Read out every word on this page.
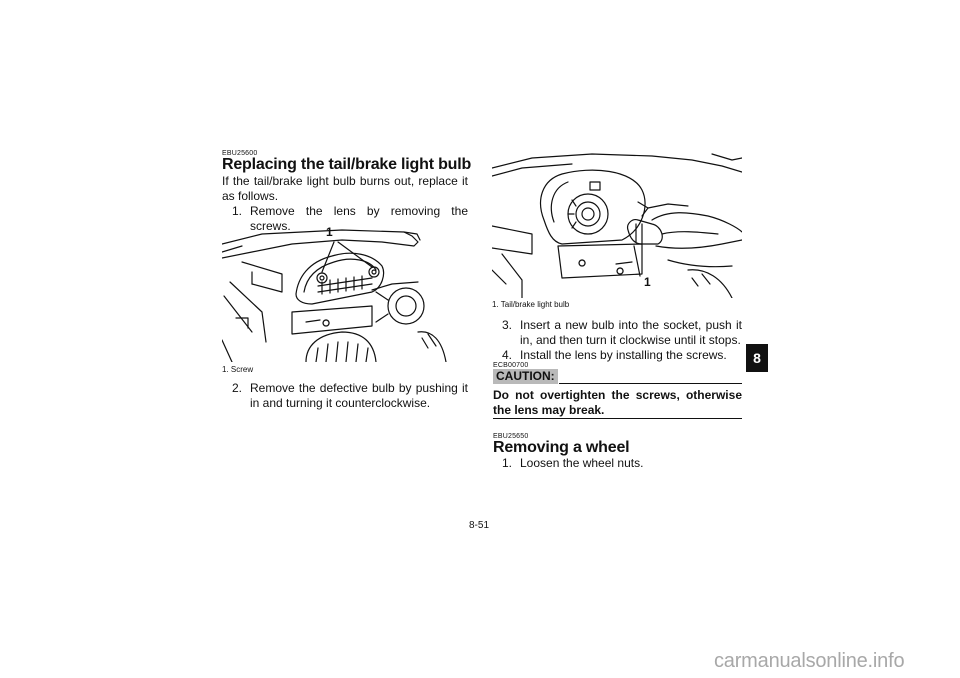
EBU25600
Replacing the tail/brake light bulb
If the tail/brake light bulb burns out, replace it as follows.
1. Remove the lens by removing the screws.	1
1. Screw
2. Remove the defective bulb by pushing it in and turning it counterclockwise.
1
1. Tail/brake light bulb
3. Insert a new bulb into the socket, push it in, and then turn it clockwise until it stops.
4. Install the lens by installing the screws.
ECB00700
CAUTION:
Do not overtighten the screws, otherwise the lens may break.
EBU25650
Removing a wheel
1. Loosen the wheel nuts.
8-51
8
carmanualsonline.info
